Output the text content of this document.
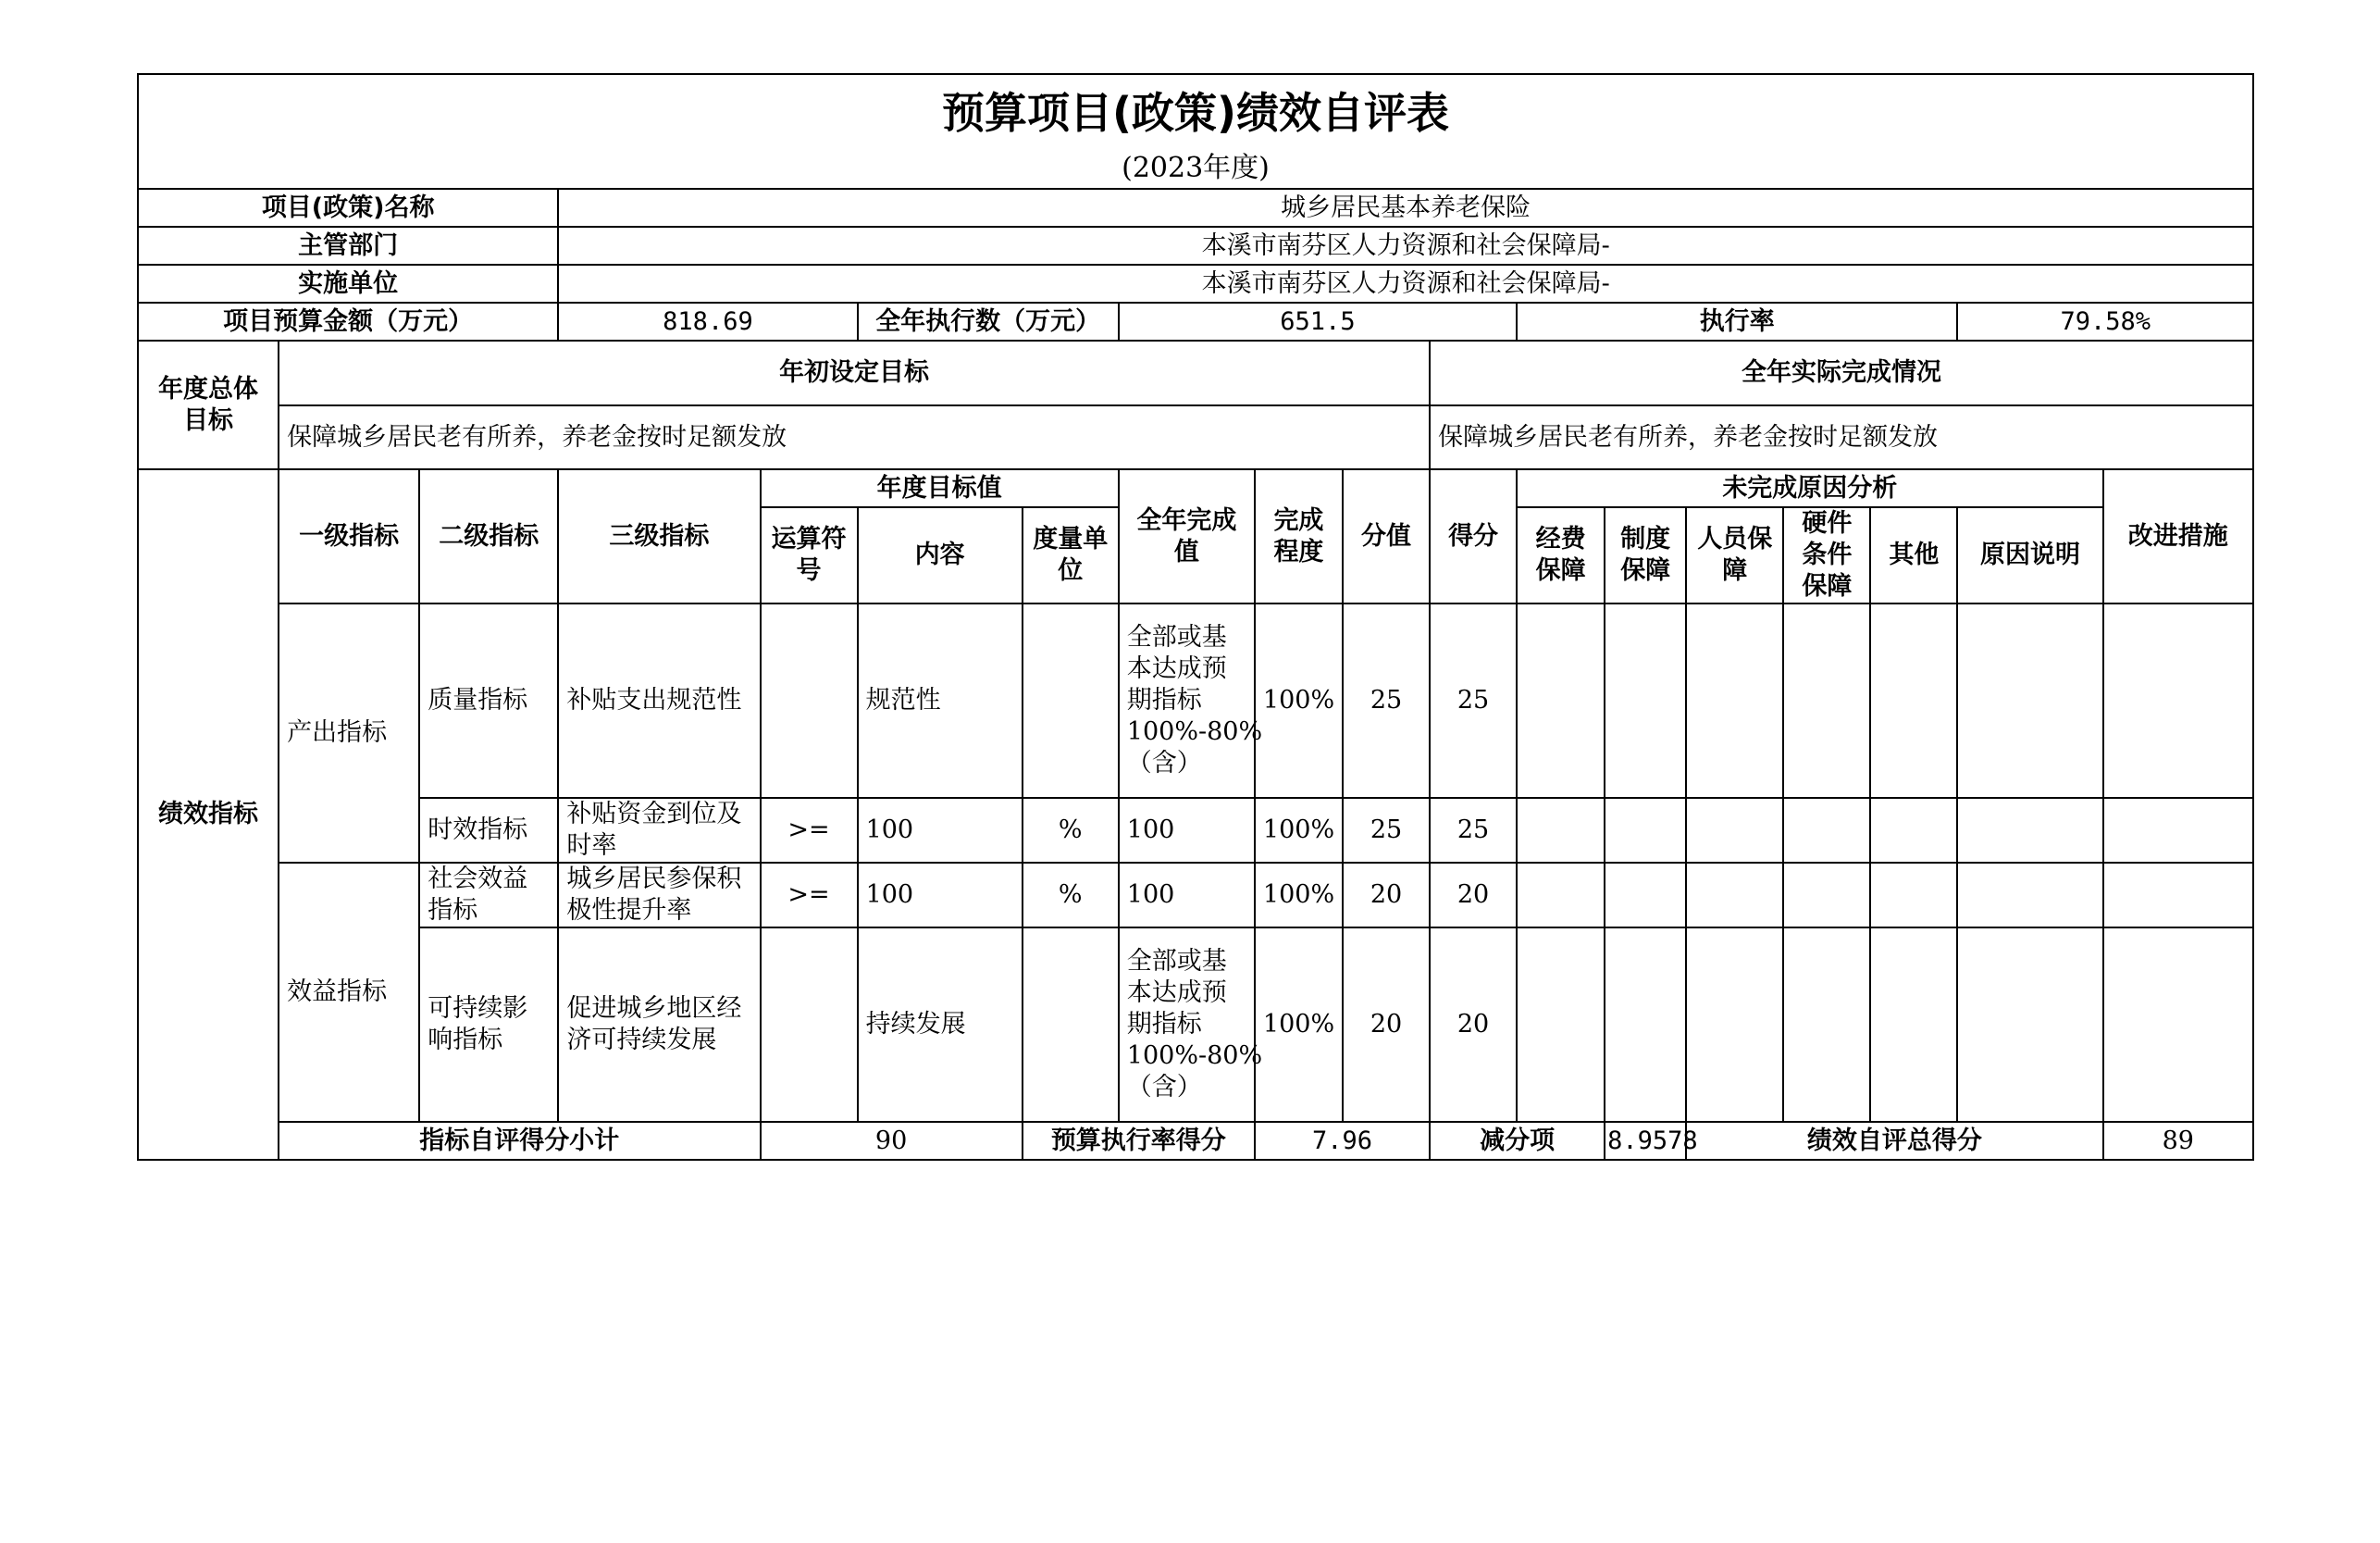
预算项目(政策)绩效自评表																	
(2023年度)																	
项目(政策)名称			城乡居民基本养老保险														
主管部门			本溪市南芬区人力资源和社会保障局-														
实施单位			本溪市南芬区人力资源和社会保障局-														
项目预算金额（万元）			818.69		全年执行数（万元）		651.5				执行率					79.58%	
年度总体目标	年初设定目标									全年实际完成情况							
	保障城乡居民老有所养，养老金按时足额发放									保障城乡居民老有所养，养老金按时足额发放							
绩效指标	一级指标	二级指标	三级指标	年度目标值			全年完成值	完成程度	分值	得分	未完成原因分析						改进措施
				运算符号	内容	度量单位					经费保障	制度保障	人员保障	硬件条件保障	其他	原因说明	
	产出指标	质量指标	补贴支出规范性		规范性		全部或基本达成预期指标100%-80%（含）	100%	25	25							
		时效指标	补贴资金到位及时率	>=	100	%	100	100%	25	25							
	效益指标	社会效益指标	城乡居民参保积极性提升率	>=	100	%	100	100%	20	20							
		可持续影响指标	促进城乡地区经济可持续发展		持续发展		全部或基本达成预期指标100%-80%（含）	100%	20	20							
	指标自评得分小计			90		预算执行率得分		7.96		减分项		8.9578	绩效自评总得分				89
